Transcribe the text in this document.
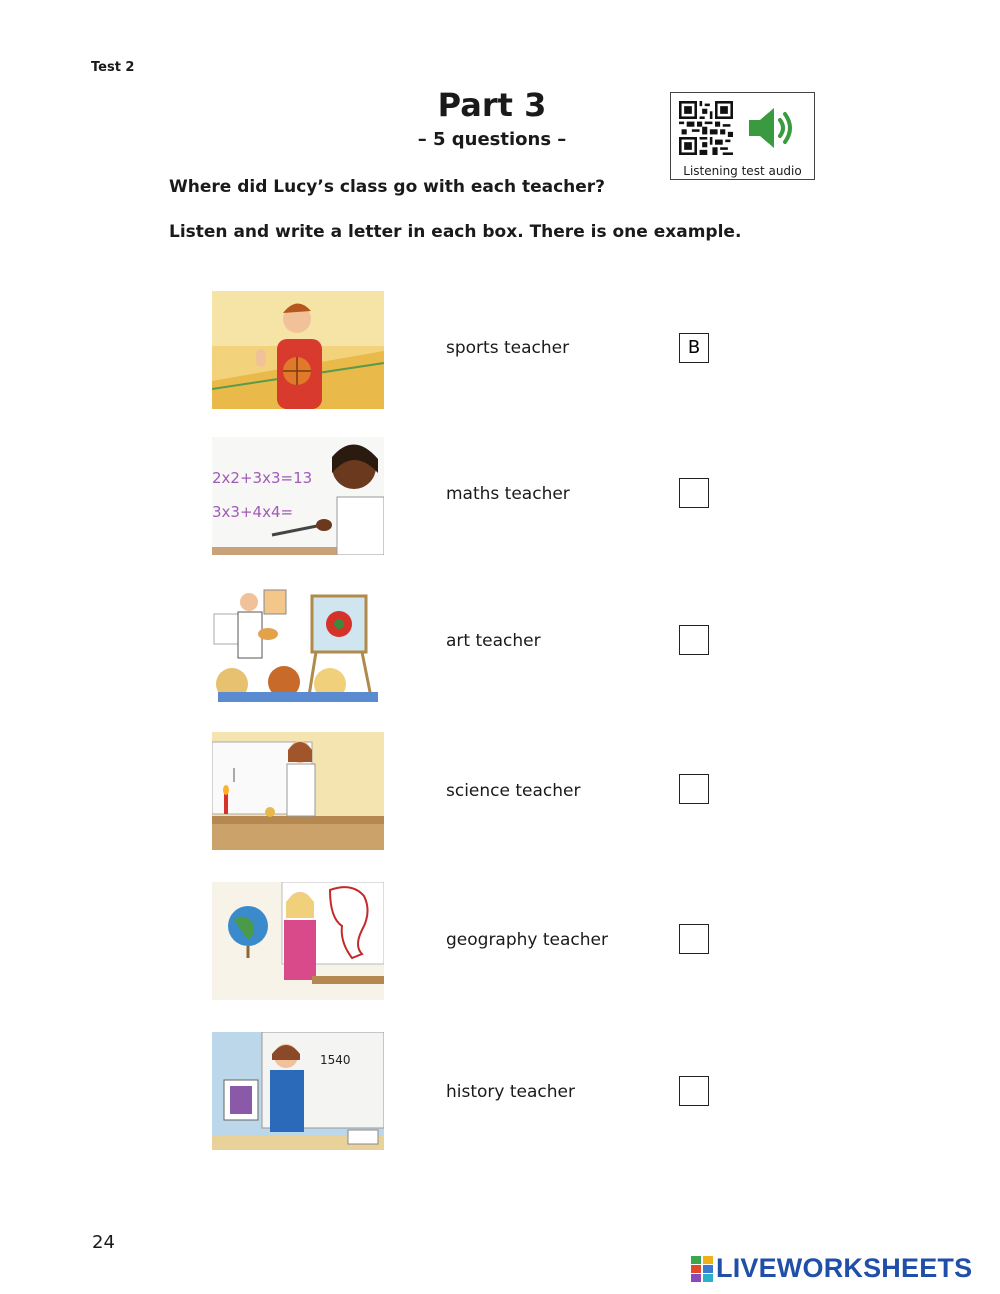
Test 2
Part 3
– 5 questions –
Listening test audio
Where did Lucy’s class go with each teacher?
Listen and write a letter in each box. There is one example.
sports teacher
B
2x2+3x3=13
3x3+4x4=
maths teacher
art teacher
science teacher
geography teacher
1540
history teacher
24
LIVEWORKSHEETS
